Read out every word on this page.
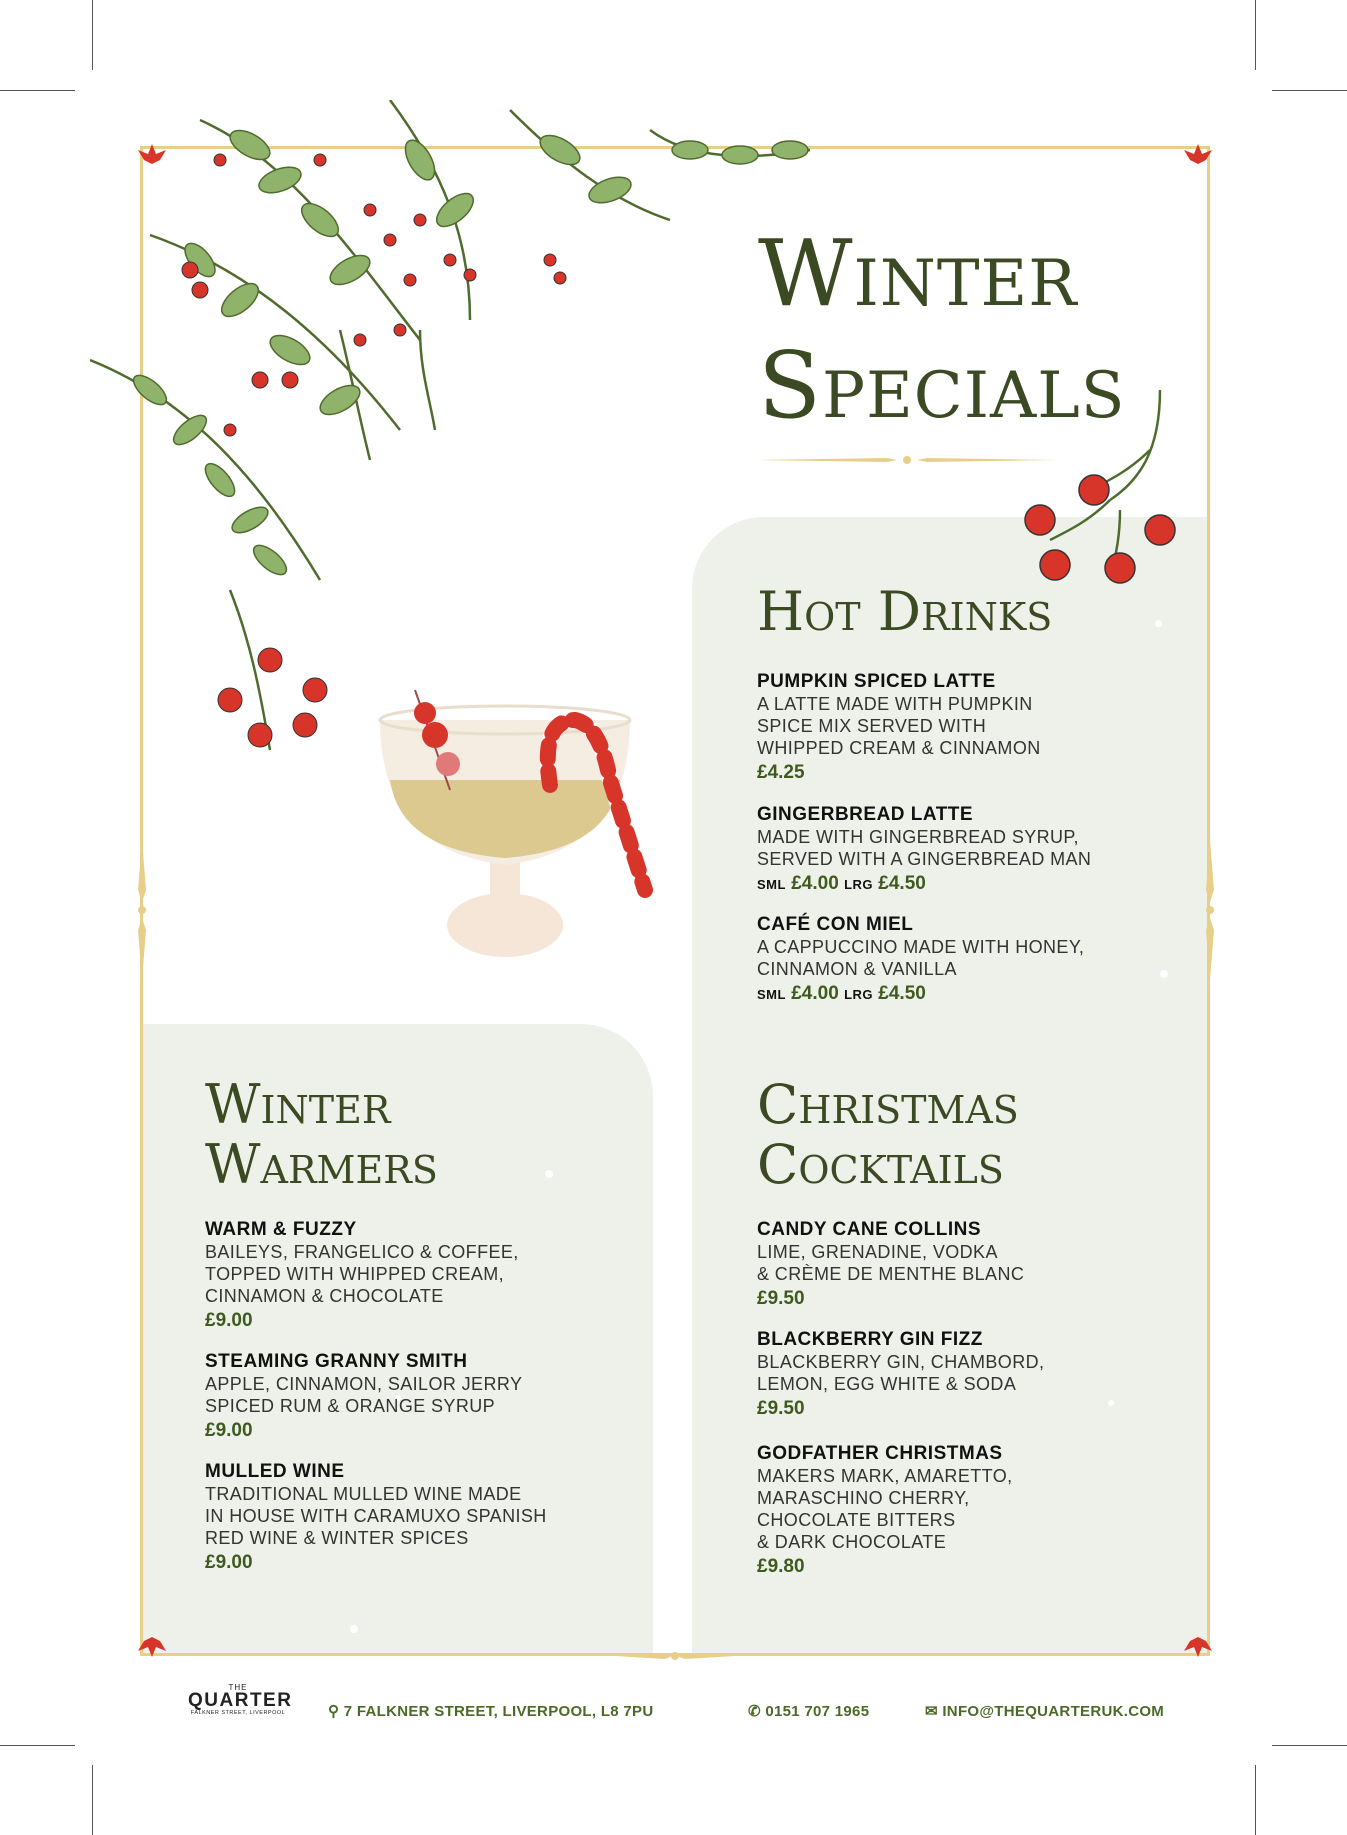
Winter
Specials
Hot Drinks
PUMPKIN SPICED LATTE
A LATTE MADE WITH PUMPKIN
SPICE MIX SERVED WITH
WHIPPED CREAM & CINNAMON
£4.25
GINGERBREAD LATTE
MADE WITH GINGERBREAD SYRUP,
SERVED WITH A GINGERBREAD MAN
SML £4.00 LRG £4.50
CAFÉ CON MIEL
A CAPPUCCINO MADE WITH HONEY,
CINNAMON & VANILLA
SML £4.00 LRG £4.50
Winter
Warmers
WARM & FUZZY
BAILEYS, FRANGELICO & COFFEE,
TOPPED WITH WHIPPED CREAM,
CINNAMON & CHOCOLATE
£9.00
STEAMING GRANNY SMITH
APPLE, CINNAMON, SAILOR JERRY
SPICED RUM & ORANGE SYRUP
£9.00
MULLED WINE
TRADITIONAL MULLED WINE MADE
IN HOUSE WITH CARAMUXO SPANISH
RED WINE & WINTER SPICES
£9.00
Christmas
Cocktails
CANDY CANE COLLINS
LIME, GRENADINE, VODKA
& CRÈME DE MENTHE BLANC
£9.50
BLACKBERRY GIN FIZZ
BLACKBERRY GIN, CHAMBORD,
LEMON, EGG WHITE & SODA
£9.50
GODFATHER CHRISTMAS
MAKERS MARK, AMARETTO,
MARASCHINO CHERRY,
CHOCOLATE BITTERS
& DARK CHOCOLATE
£9.80
THE
QUARTER
FALKNER STREET, LIVERPOOL	⚲ 7 FALKNER STREET, LIVERPOOL, L8 7PU	✆ 0151 707 1965	✉ INFO@THEQUARTERUK.COM
